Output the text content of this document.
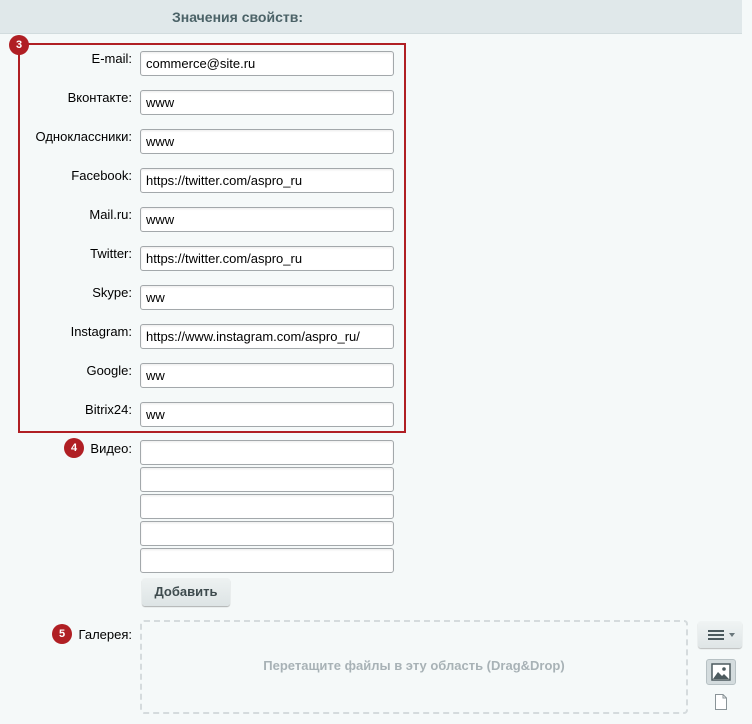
Значения свойств:
3
E-mail:
commerce@site.ru
Вконтакте:
www
Одноклассники:
www
Facebook:
https://twitter.com/aspro_ru
Mail.ru:
www
Twitter:
https://twitter.com/aspro_ru
Skype:
ww
Instagram:
https://www.instagram.com/aspro_ru/
Google:
ww
Bitrix24:
ww
4	Видео:
Добавить
5	Галерея:
Перетащите файлы в эту область (Drag&Drop)
